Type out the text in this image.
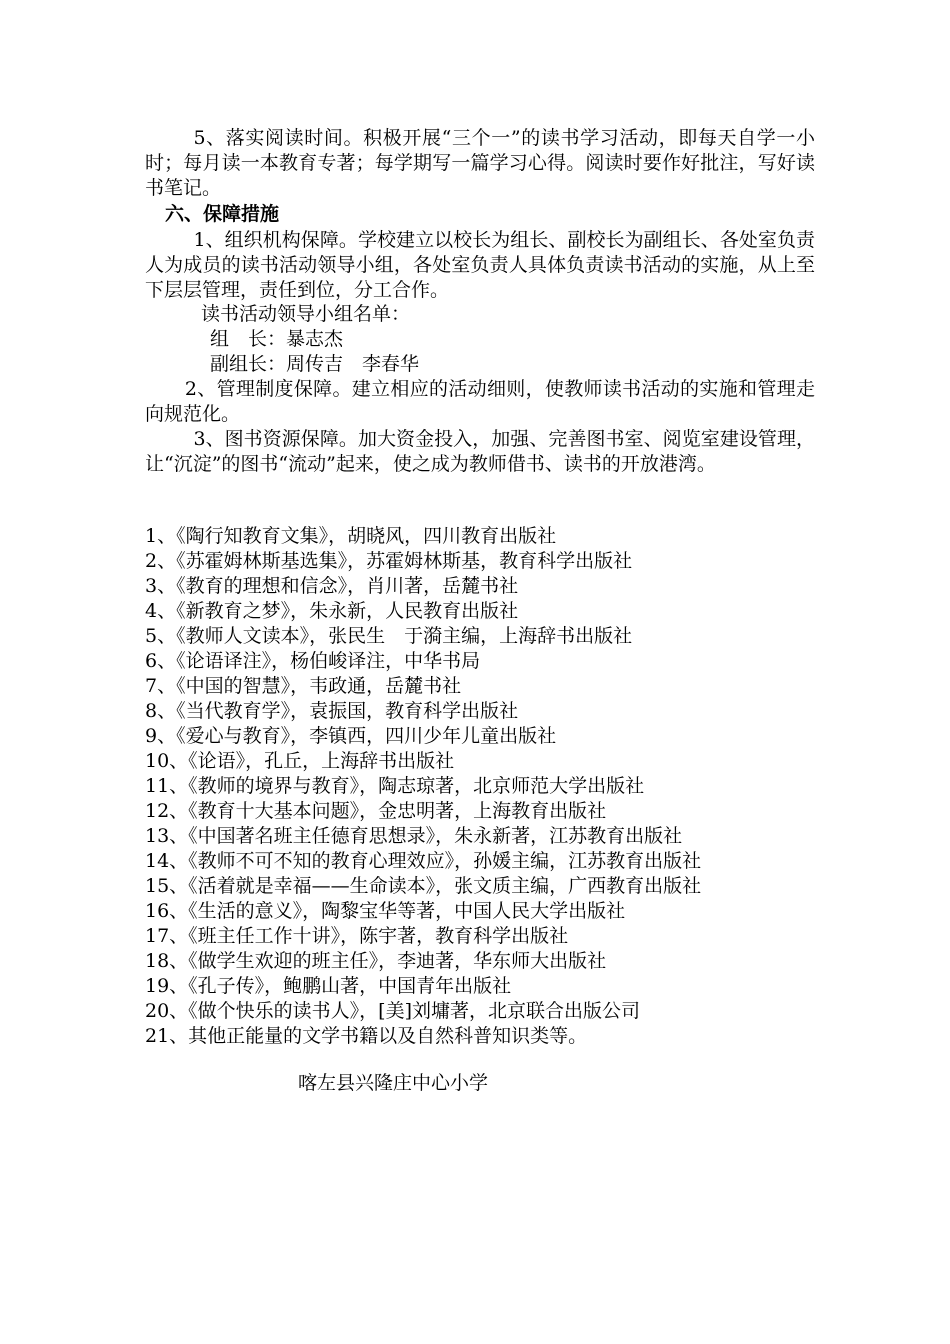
5、落实阅读时间。积极开展“三个一”的读书学习活动，即每天自学一小时；每月读一本教育专著；每学期写一篇学习心得。阅读时要作好批注，写好读书笔记。

六、保障措施

1、组织机构保障。学校建立以校长为组长、副校长为副组长、各处室负责人为成员的读书活动领导小组，各处室负责人具体负责读书活动的实施，从上至下层层管理，责任到位，分工合作。

读书活动领导小组名单：

组　长：暴志杰

副组长：周传吉　李春华

2、管理制度保障。建立相应的活动细则，使教师读书活动的实施和管理走向规范化。

3、图书资源保障。加大资金投入，加强、完善图书室、阅览室建设管理，让“沉淀”的图书“流动”起来，使之成为教师借书、读书的开放港湾。

1、《陶行知教育文集》，胡晓风，四川教育出版社
2、《苏霍姆林斯基选集》，苏霍姆林斯基，教育科学出版社
3、《教育的理想和信念》，肖川著，岳麓书社
4、《新教育之梦》，朱永新，人民教育出版社
5、《教师人文读本》，张民生　于漪主编，上海辞书出版社
6、《论语译注》，杨伯峻译注，中华书局
7、《中国的智慧》，韦政通，岳麓书社
8、《当代教育学》，袁振国，教育科学出版社
9、《爱心与教育》，李镇西，四川少年儿童出版社
10、《论语》，孔丘，上海辞书出版社
11、《教师的境界与教育》，陶志琼著，北京师范大学出版社
12、《教育十大基本问题》，金忠明著，上海教育出版社
13、《中国著名班主任德育思想录》，朱永新著，江苏教育出版社
14、《教师不可不知的教育心理效应》，孙媛主编，江苏教育出版社
15、《活着就是幸福——生命读本》，张文质主编，广西教育出版社
16、《生活的意义》，陶黎宝华等著，中国人民大学出版社
17、《班主任工作十讲》，陈宇著，教育科学出版社
18、《做学生欢迎的班主任》，李迪著，华东师大出版社
19、《孔子传》，鲍鹏山著，中国青年出版社
20、《做个快乐的读书人》，[美]刘墉著，北京联合出版公司
21、其他正能量的文学书籍以及自然科普知识类等。
喀左县兴隆庄中心小学
